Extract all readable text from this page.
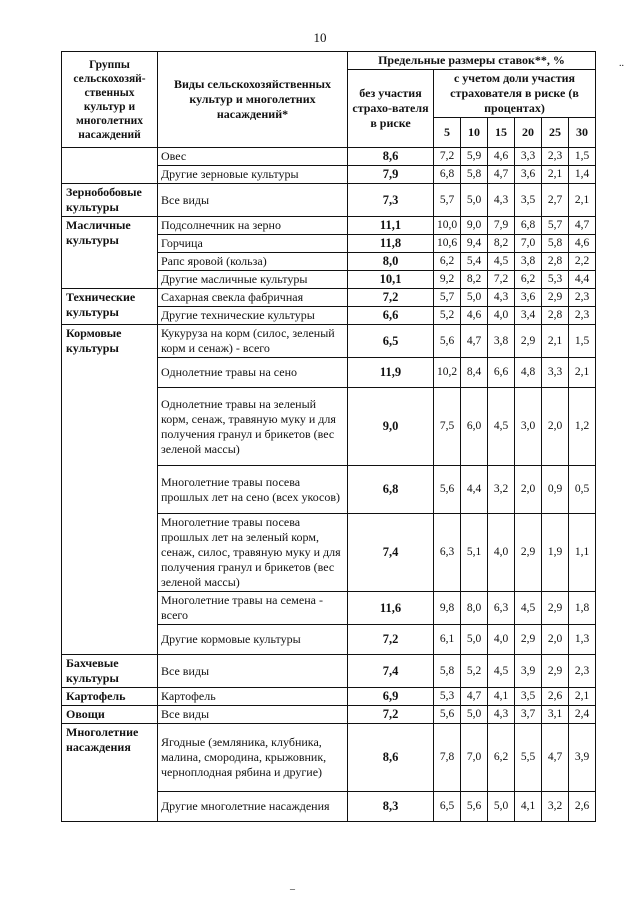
10
..
–
Группы сельскохозяй-ственных культур и многолетних насаждений	Виды сельскохозяйственных культур и многолетних насаждений*	Предельные размеры ставок**, %						
		без участия страхо-вателя в риске	с учетом доли участия страхователя в риске (в процентах)					
			5	10	15	20	25	30
	Овес	8,6	7,2	5,9	4,6	3,3	2,3	1,5
	Другие зерновые культуры	7,9	6,8	5,8	4,7	3,6	2,1	1,4
Зернобобовые культуры	Все виды	7,3	5,7	5,0	4,3	3,5	2,7	2,1
Масличные культуры	Подсолнечник на зерно	11,1	10,0	9,0	7,9	6,8	5,7	4,7
	Горчица	11,8	10,6	9,4	8,2	7,0	5,8	4,6
	Рапс яровой (кольза)	8,0	6,2	5,4	4,5	3,8	2,8	2,2
	Другие масличные культуры	10,1	9,2	8,2	7,2	6,2	5,3	4,4
Технические культуры	Сахарная свекла фабричная	7,2	5,7	5,0	4,3	3,6	2,9	2,3
	Другие технические культуры	6,6	5,2	4,6	4,0	3,4	2,8	2,3
Кормовые культуры	Кукуруза на корм (силос, зеленый корм и сенаж) - всего	6,5	5,6	4,7	3,8	2,9	2,1	1,5
	Однолетние травы на сено	11,9	10,2	8,4	6,6	4,8	3,3	2,1
	Однолетние травы на зеленый корм, сенаж, травяную муку и для получения гранул и брикетов (вес зеленой массы)	9,0	7,5	6,0	4,5	3,0	2,0	1,2
	Многолетние травы посева прошлых лет на сено (всех укосов)	6,8	5,6	4,4	3,2	2,0	0,9	0,5
	Многолетние травы посева прошлых лет на зеленый корм, сенаж, силос, травяную муку и для получения гранул и брикетов (вес зеленой массы)	7,4	6,3	5,1	4,0	2,9	1,9	1,1
	Многолетние травы на семена - всего	11,6	9,8	8,0	6,3	4,5	2,9	1,8
	Другие кормовые культуры	7,2	6,1	5,0	4,0	2,9	2,0	1,3
Бахчевые культуры	Все виды	7,4	5,8	5,2	4,5	3,9	2,9	2,3
Картофель	Картофель	6,9	5,3	4,7	4,1	3,5	2,6	2,1
Овощи	Все виды	7,2	5,6	5,0	4,3	3,7	3,1	2,4
Многолетние насаждения	Ягодные (земляника, клубника, малина, смородина, крыжовник, черноплодная рябина и другие)	8,6	7,8	7,0	6,2	5,5	4,7	3,9
	Другие многолетние насаждения	8,3	6,5	5,6	5,0	4,1	3,2	2,6
